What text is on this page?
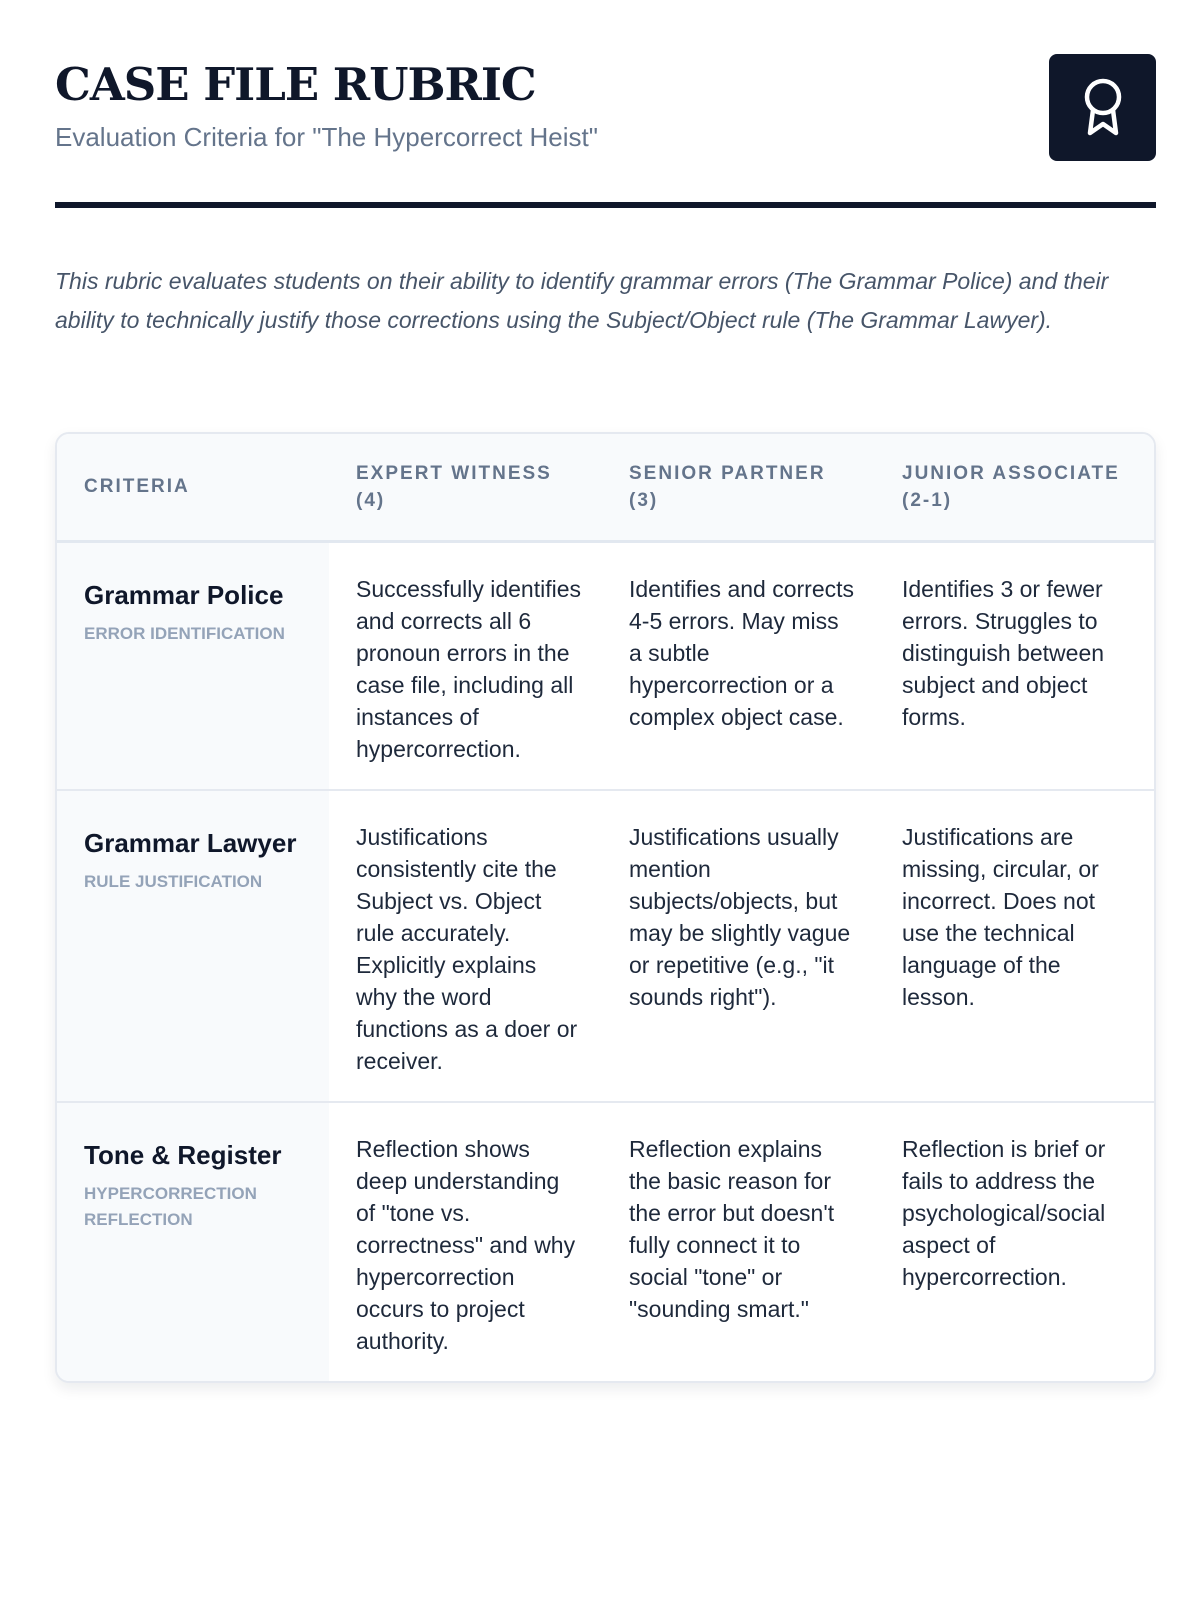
CASE FILE RUBRIC
Evaluation Criteria for "The Hypercorrect Heist"

This rubric evaluates students on their ability to identify grammar errors (The Grammar Police) and their ability to technically justify those corrections using the Subject/Object rule (The Grammar Lawyer).

CRITERIA	EXPERT WITNESS (4)	SENIOR PARTNER (3)	JUNIOR ASSOCIATE (2-1)

Grammar Police
ERROR IDENTIFICATION	Successfully identifies and corrects all 6 pronoun errors in the case file, including all instances of hypercorrection.	Identifies and corrects 4-5 errors. May miss a subtle hypercorrection or a complex object case.	Identifies 3 or fewer errors. Struggles to distinguish between subject and object forms.

Grammar Lawyer
RULE JUSTIFICATION	Justifications consistently cite the Subject vs. Object rule accurately. Explicitly explains why the word functions as a doer or receiver.	Justifications usually mention subjects/objects, but may be slightly vague or repetitive (e.g., "it sounds right").	Justifications are missing, circular, or incorrect. Does not use the technical language of the lesson.

Tone & Register
HYPERCORRECTION REFLECTION	Reflection shows deep understanding of "tone vs. correctness" and why hypercorrection occurs to project authority.	Reflection explains the basic reason for the error but doesn't fully connect it to social "tone" or "sounding smart."	Reflection is brief or fails to address the psychological/social aspect of hypercorrection.
